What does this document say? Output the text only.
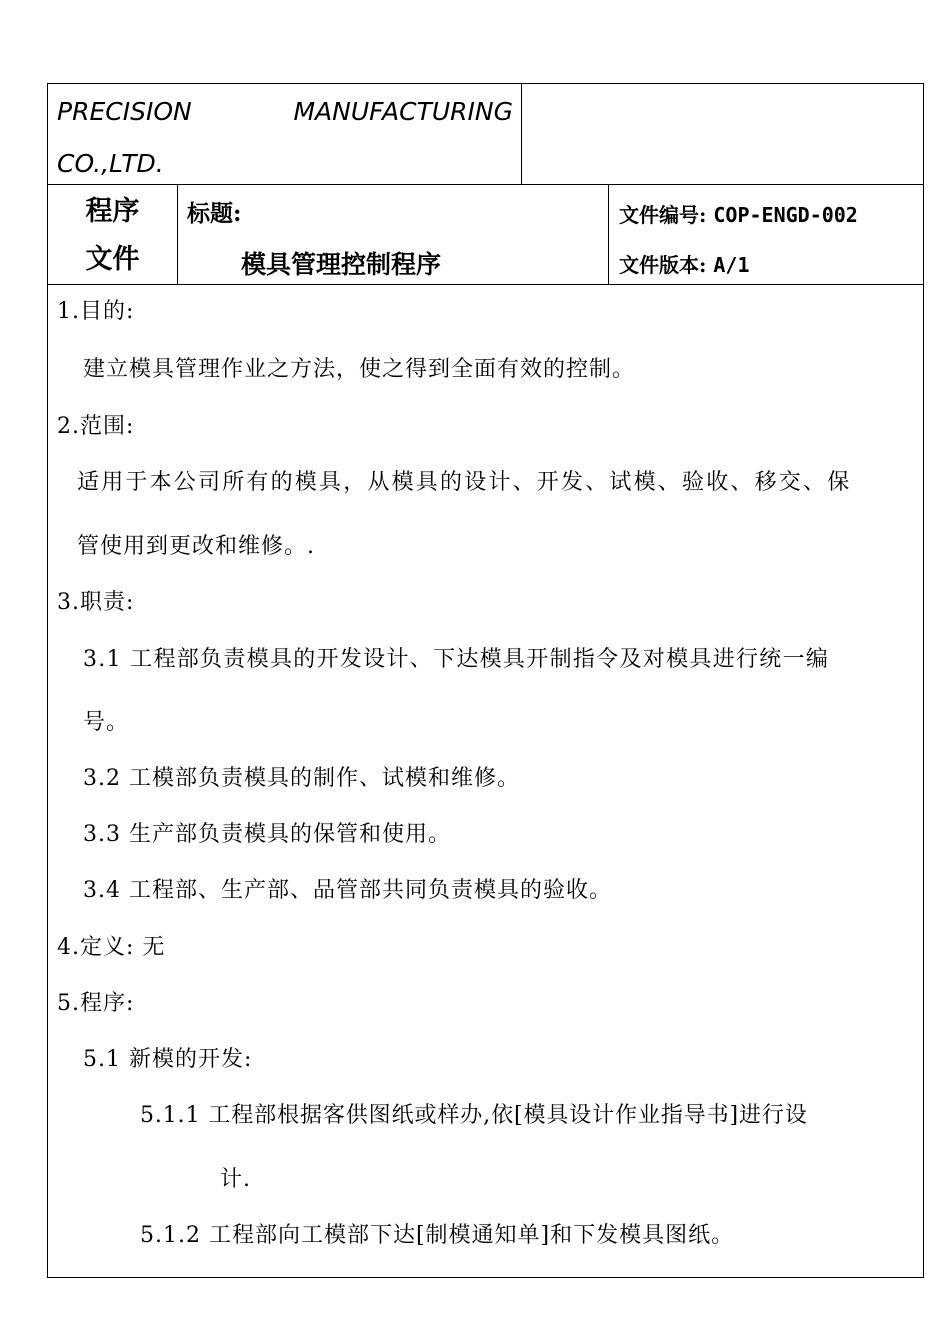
PRECISION	MANUFACTURING
CO.,LTD.
程序
文件
标题:
模具管理控制程序
文件编号: COP-ENGD-002
文件版本: A/1
1.目的:
建立模具管理作业之方法，使之得到全面有效的控制。
2.范围:
适用于本公司所有的模具，从模具的设计、开发、试模、验收、移交、保
管使用到更改和维修。.
3.职责:
3.1 工程部负责模具的开发设计、下达模具开制指令及对模具进行统一编
号。
3.2 工模部负责模具的制作、试模和维修。
3.3 生产部负责模具的保管和使用。
3.4 工程部、生产部、品管部共同负责模具的验收。
4.定义: 无
5.程序:
5.1 新模的开发:
5.1.1 工程部根据客供图纸或样办,依[模具设计作业指导书]进行设
计.
5.1.2 工程部向工模部下达[制模通知单]和下发模具图纸。
